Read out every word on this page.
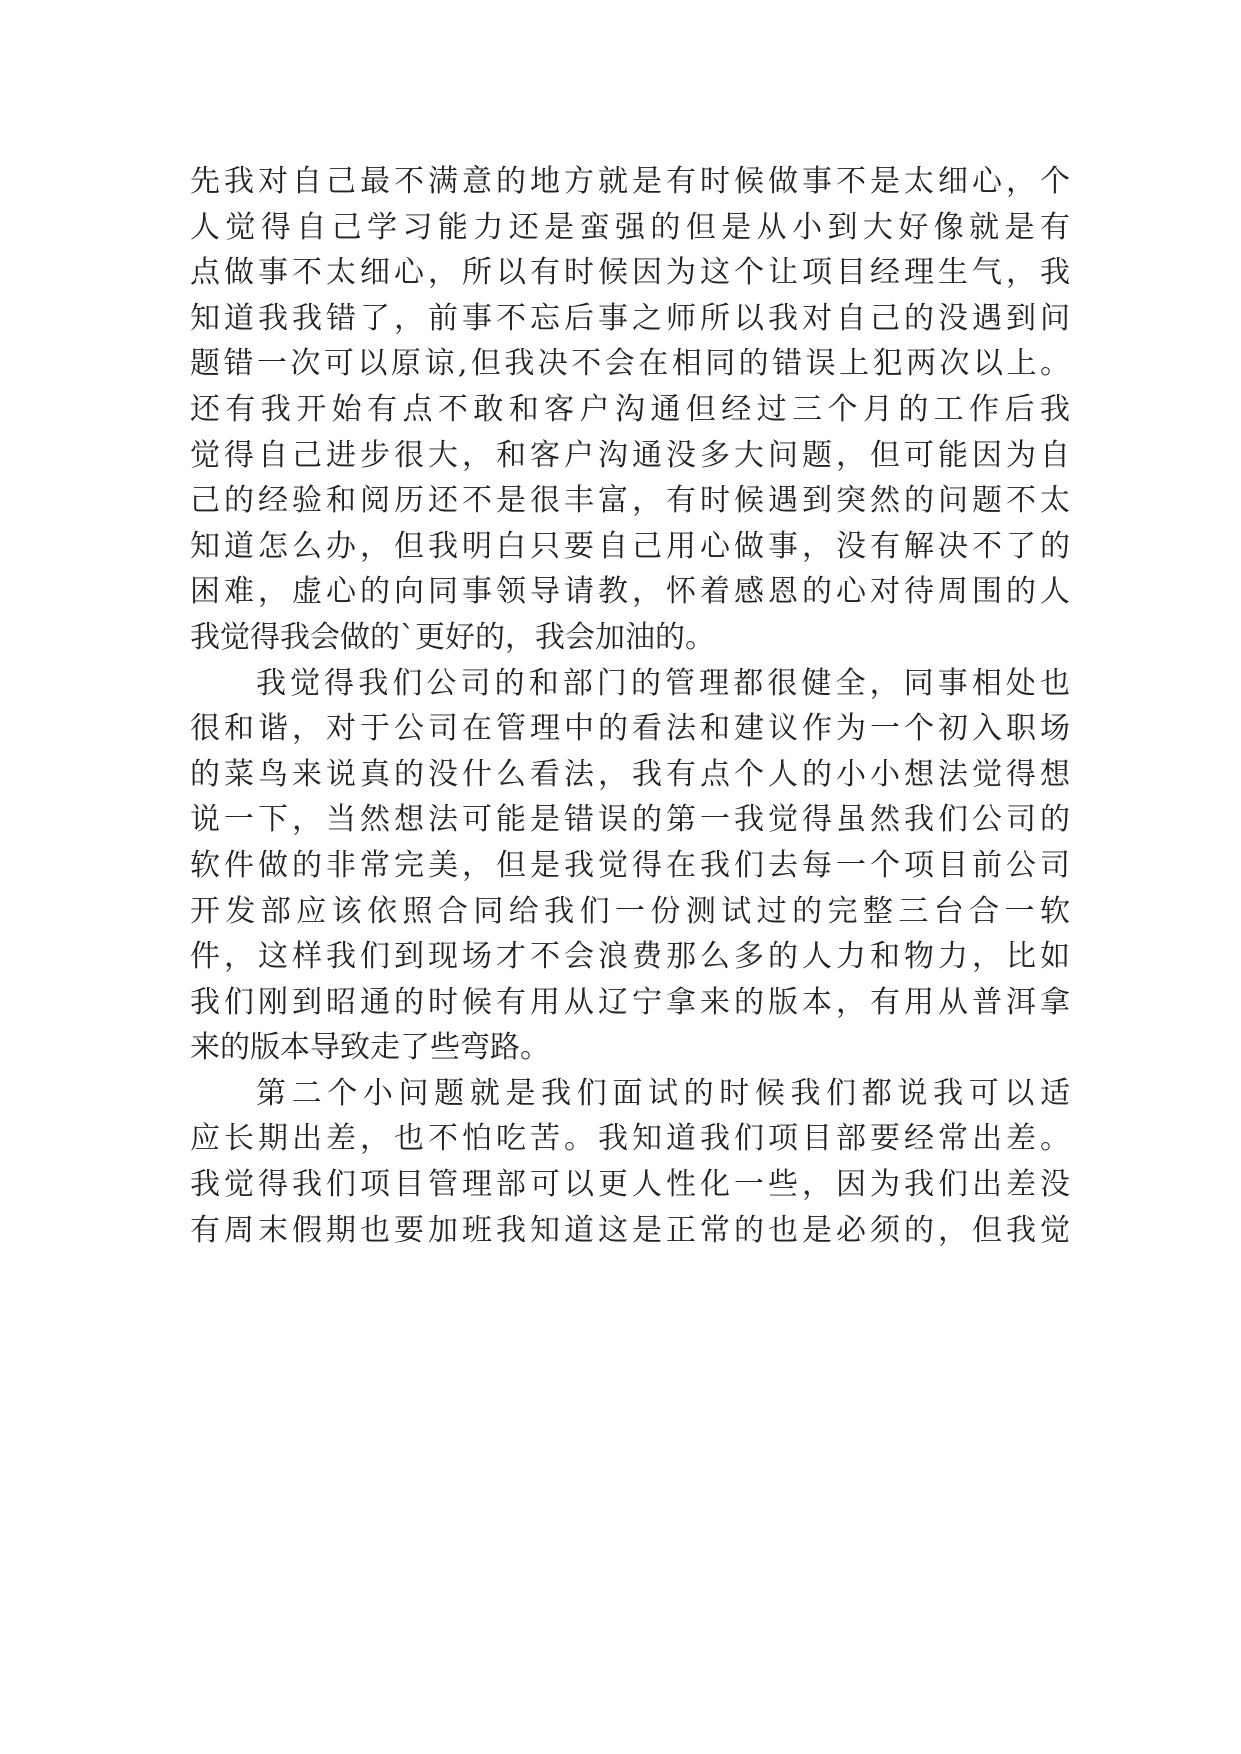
先我对自己最不满意的地方就是有时候做事不是太细心，个
人觉得自己学习能力还是蛮强的但是从小到大好像就是有
点做事不太细心，所以有时候因为这个让项目经理生气，我
知道我我错了，前事不忘后事之师所以我对自己的没遇到问
题错一次可以原谅,但我决不会在相同的错误上犯两次以上。
还有我开始有点不敢和客户沟通但经过三个月的工作后我
觉得自己进步很大，和客户沟通没多大问题，但可能因为自
己的经验和阅历还不是很丰富，有时候遇到突然的问题不太
知道怎么办，但我明白只要自己用心做事，没有解决不了的
困难，虚心的向同事领导请教，怀着感恩的心对待周围的人
我觉得我会做的`更好的，我会加油的。
我觉得我们公司的和部门的管理都很健全，同事相处也
很和谐，对于公司在管理中的看法和建议作为一个初入职场
的菜鸟来说真的没什么看法，我有点个人的小小想法觉得想
说一下，当然想法可能是错误的第一我觉得虽然我们公司的
软件做的非常完美，但是我觉得在我们去每一个项目前公司
开发部应该依照合同给我们一份测试过的完整三台合一软
件，这样我们到现场才不会浪费那么多的人力和物力，比如
我们刚到昭通的时候有用从辽宁拿来的版本，有用从普洱拿
来的版本导致走了些弯路。
第二个小问题就是我们面试的时候我们都说我可以适
应长期出差，也不怕吃苦。我知道我们项目部要经常出差。
我觉得我们项目管理部可以更人性化一些，因为我们出差没
有周末假期也要加班我知道这是正常的也是必须的，但我觉
